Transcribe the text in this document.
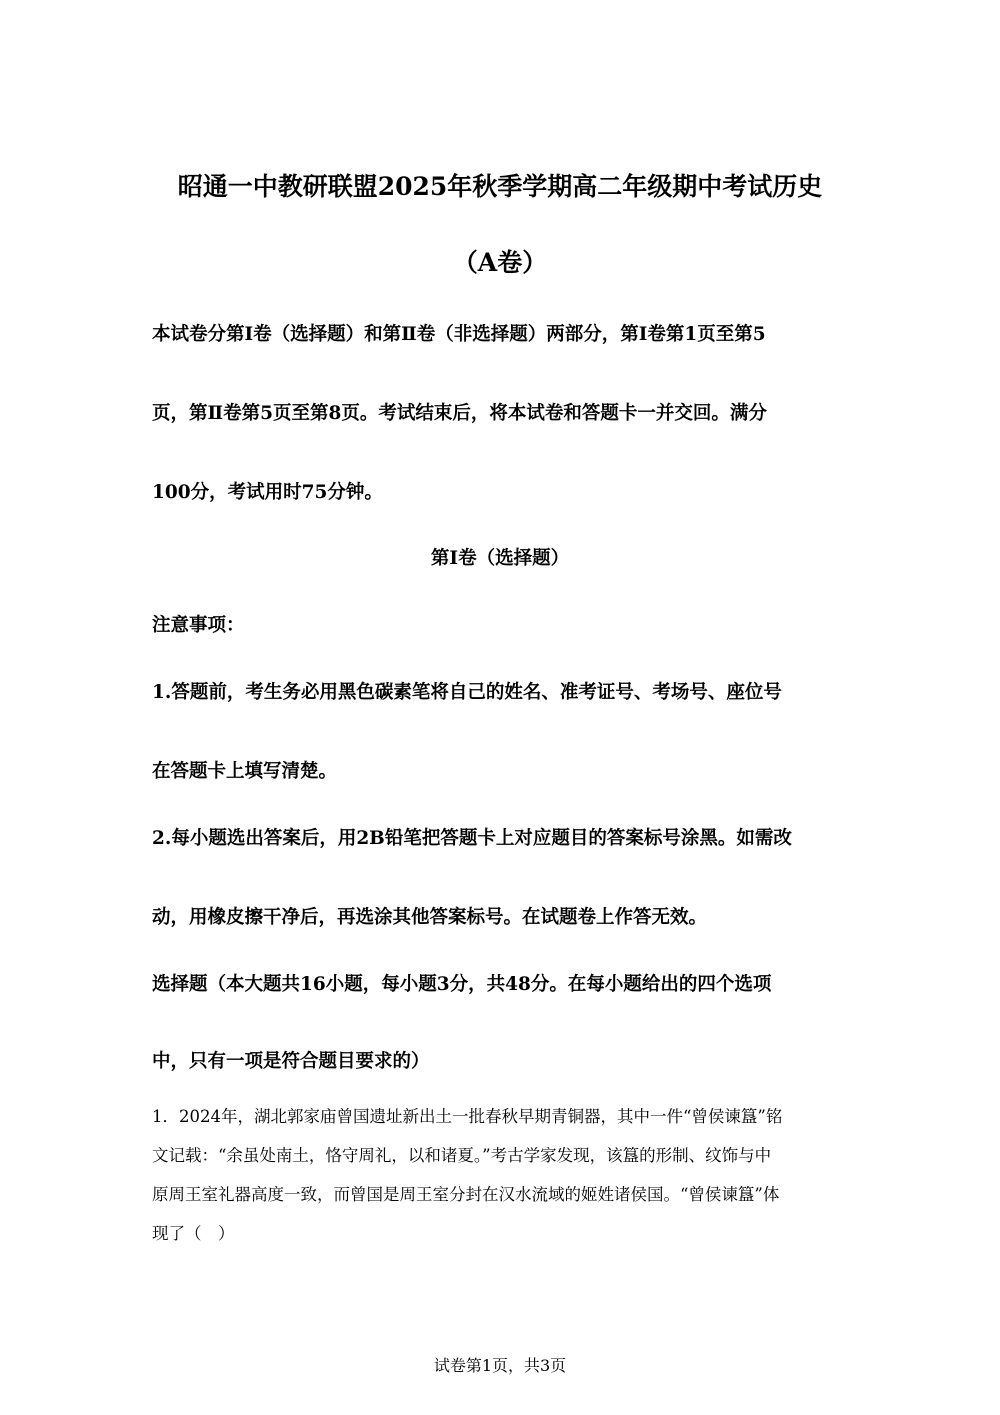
昭通一中教研联盟2025年秋季学期高二年级期中考试历史
（A卷）
本试卷分第Ⅰ卷（选择题）和第Ⅱ卷（非选择题）两部分，第Ⅰ卷第1页至第5
页，第Ⅱ卷第5页至第8页。考试结束后，将本试卷和答题卡一并交回。满分
100分，考试用时75分钟。
第Ⅰ卷（选择题）
注意事项：
1.答题前，考生务必用黑色碳素笔将自己的姓名、准考证号、考场号、座位号
在答题卡上填写清楚。
2.每小题选出答案后，用2B铅笔把答题卡上对应题目的答案标号涂黑。如需改
动，用橡皮擦干净后，再选涂其他答案标号。在试题卷上作答无效。
选择题（本大题共16小题，每小题3分，共48分。在每小题给出的四个选项
中，只有一项是符合题目要求的）
1．2024年，湖北郭家庙曾国遗址新出土一批春秋早期青铜器，其中一件“曾侯谏簋”铭
文记载：“余虽处南土，恪守周礼，以和诸夏。”考古学家发现，该簋的形制、纹饰与中
原周王室礼器高度一致，而曾国是周王室分封在汉水流域的姬姓诸侯国。“曾侯谏簋”体
现了（　）
试卷第1页，共3页
